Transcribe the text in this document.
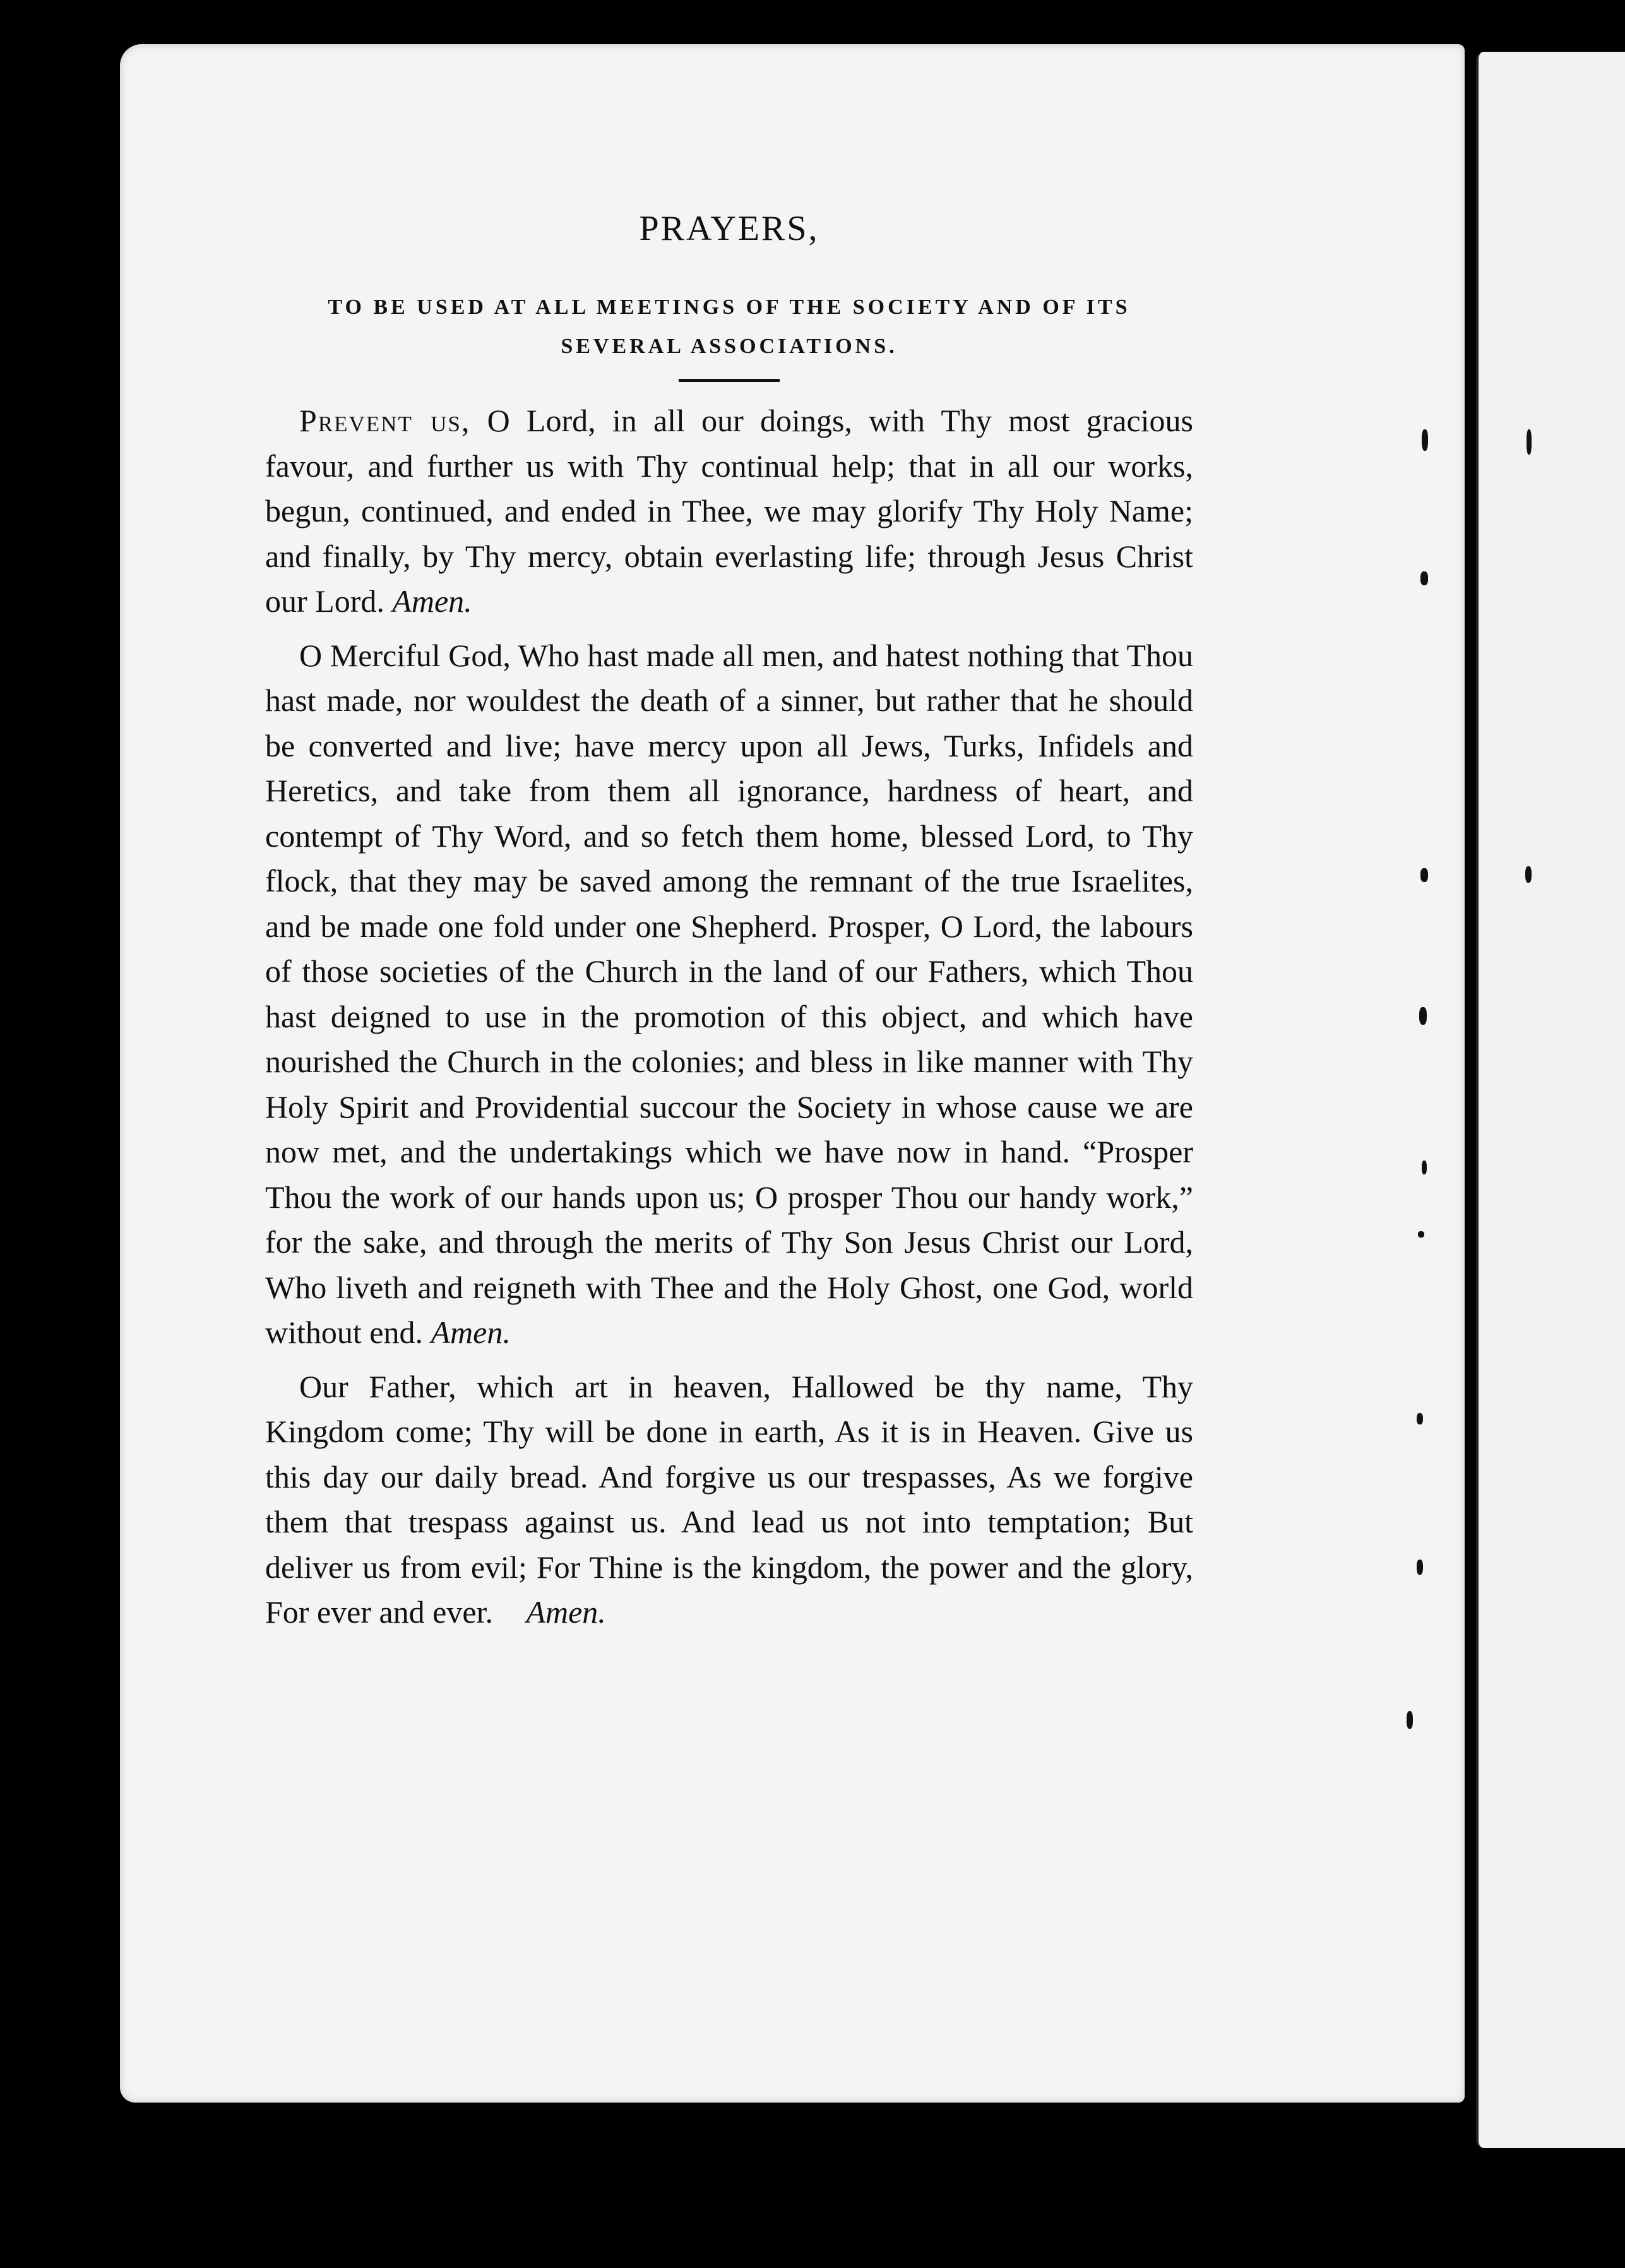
PRAYERS,

TO BE USED AT ALL MEETINGS OF THE SOCIETY AND OF ITS

SEVERAL ASSOCIATIONS.

Prevent us, O Lord, in all our doings, with Thy most gracious favour, and further us with Thy continual help; that in all our works, begun, continued, and ended in Thee, we may glorify Thy Holy Name; and finally, by Thy mercy, obtain everlasting life; through Jesus Christ our Lord. Amen.

O Merciful God, Who hast made all men, and hatest nothing that Thou hast made, nor wouldest the death of a sinner, but rather that he should be converted and live; have mercy upon all Jews, Turks, Infidels and Heretics, and take from them all ignorance, hardness of heart, and contempt of Thy Word, and so fetch them home, blessed Lord, to Thy flock, that they may be saved among the remnant of the true Israelites, and be made one fold under one Shepherd. Prosper, O Lord, the labours of those societies of the Church in the land of our Fathers, which Thou hast deigned to use in the promotion of this object, and which have nourished the Church in the colonies; and bless in like manner with Thy Holy Spirit and Providential succour the Society in whose cause we are now met, and the undertakings which we have now in hand. “Prosper Thou the work of our hands upon us; O prosper Thou our handy work,” for the sake, and through the merits of Thy Son Jesus Christ our Lord, Who liveth and reigneth with Thee and the Holy Ghost, one God, world without end. Amen.

Our Father, which art in heaven, Hallowed be thy name, Thy Kingdom come; Thy will be done in earth, As it is in Heaven. Give us this day our daily bread. And forgive us our trespasses, As we forgive them that trespass against us. And lead us not into temptation; But deliver us from evil; For Thine is the kingdom, the power and the glory, For ever and ever. Amen.
